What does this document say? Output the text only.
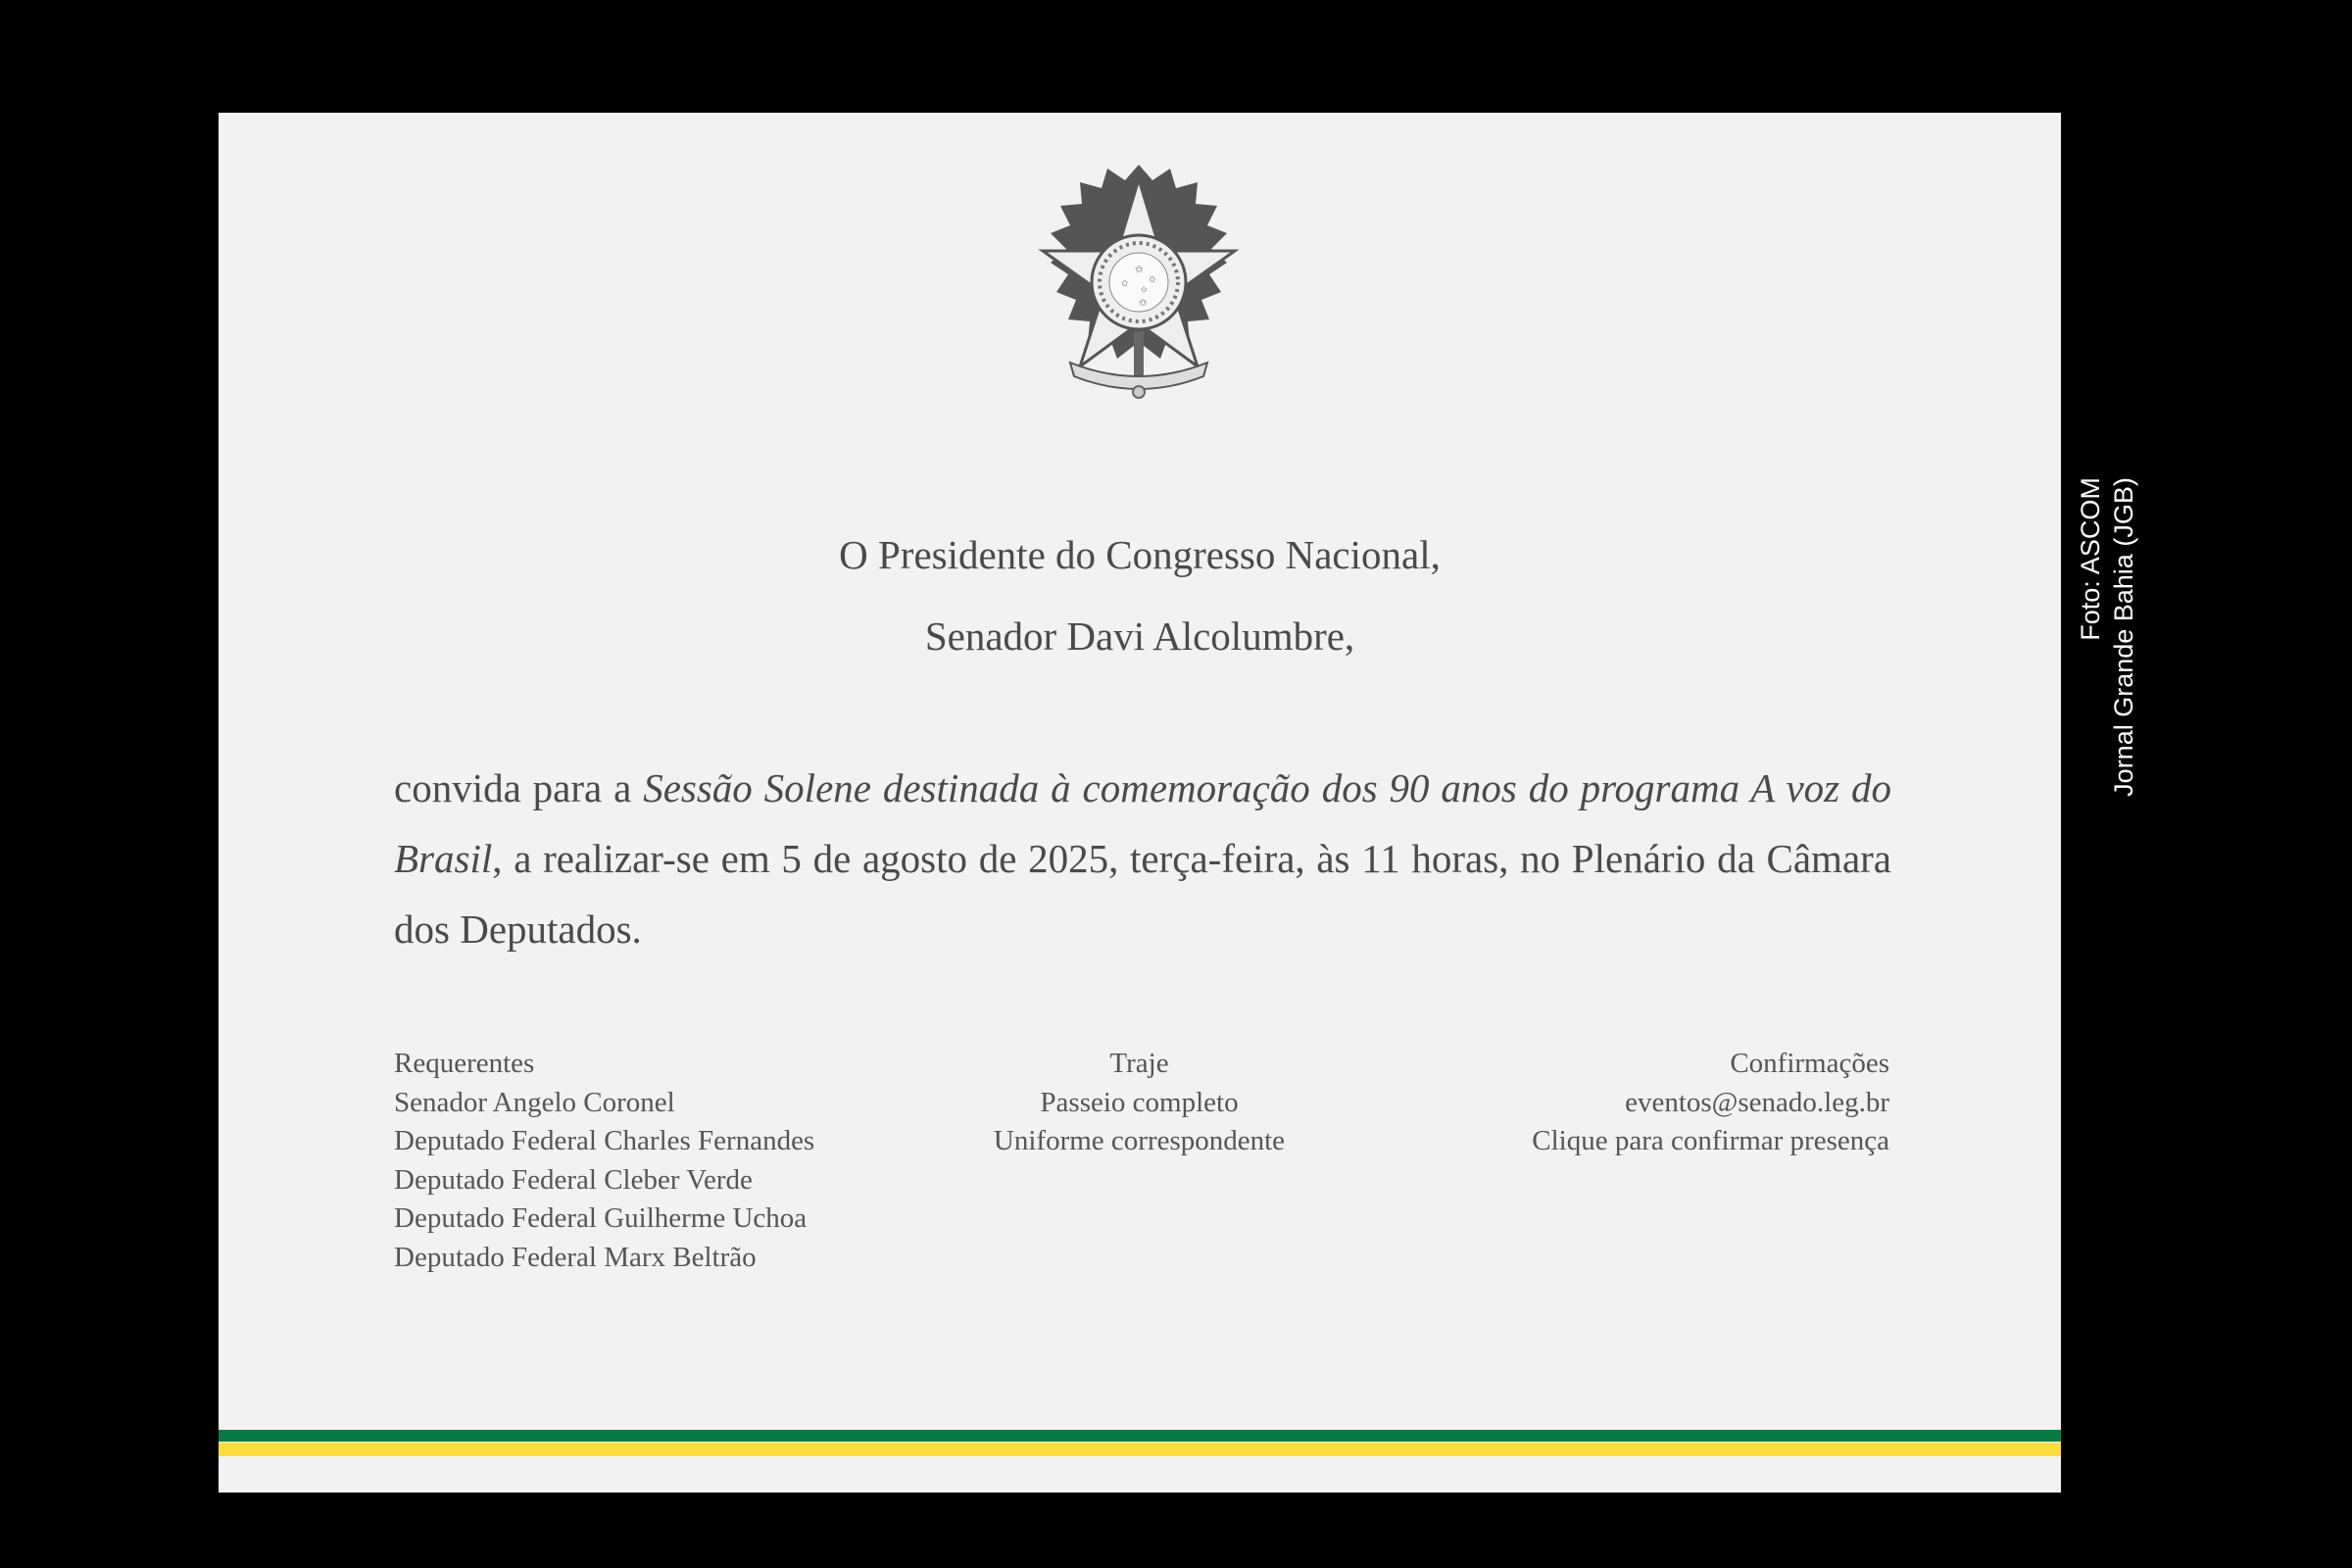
✩
✩
✩
✩
✩
O Presidente do Congresso Nacional,
Senador Davi Alcolumbre,
convida para a Sessão Solene destinada à comemoração dos 90 anos do programa A voz do Brasil, a realizar-se em 5 de agosto de 2025, terça-feira, às 11 horas, no Plenário da Câmara dos Deputados.
Requerentes
Senador Angelo Coronel
Deputado Federal Charles Fernandes
Deputado Federal Cleber Verde
Deputado Federal Guilherme Uchoa
Deputado Federal Marx Beltrão
Traje
Passeio completo
Uniforme correspondente
Confirmações
eventos@senado.leg.br
Clique para confirmar presença
Foto: ASCOM Jornal Grande Bahia (JGB)
